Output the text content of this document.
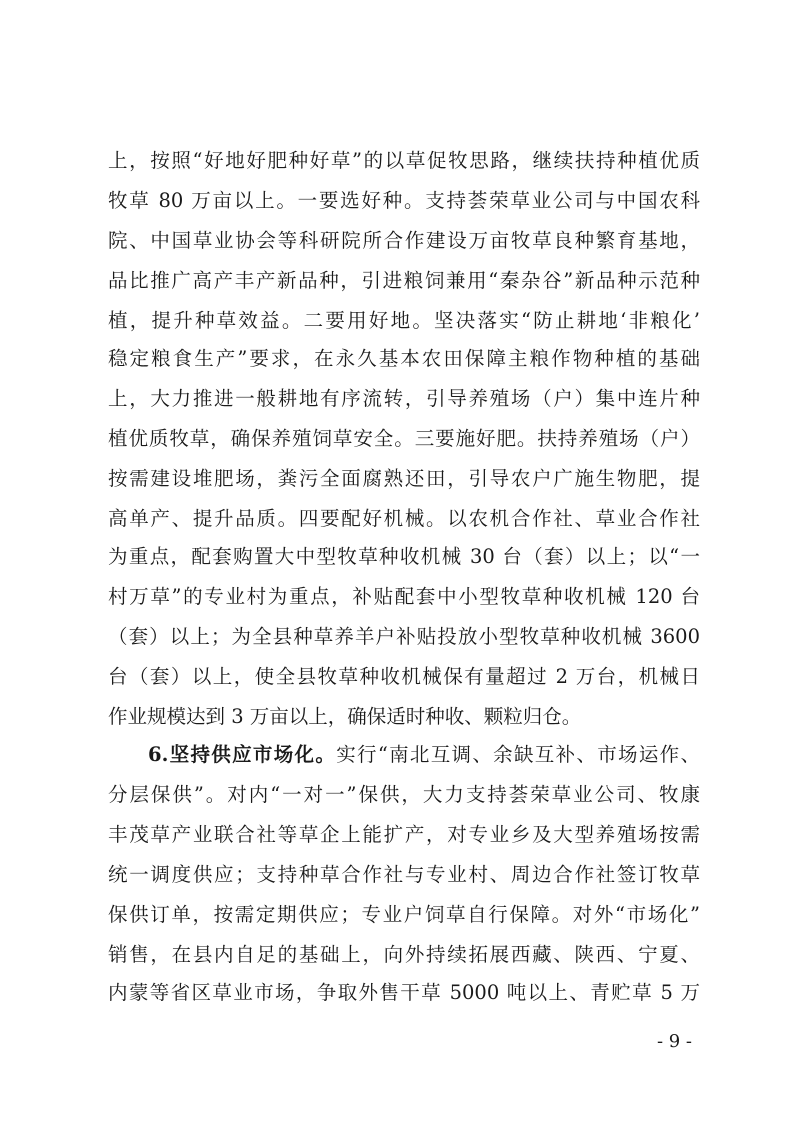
上，按照“好地好肥种好草”的以草促牧思路，继续扶持种植优质
牧草 80 万亩以上。一要选好种。支持荟荣草业公司与中国农科
院、中国草业协会等科研院所合作建设万亩牧草良种繁育基地，
品比推广高产丰产新品种，引进粮饲兼用“秦杂谷”新品种示范种
植，提升种草效益。二要用好地。坚决落实“防止耕地‘非粮化’
稳定粮食生产”要求，在永久基本农田保障主粮作物种植的基础
上，大力推进一般耕地有序流转，引导养殖场（户）集中连片种
植优质牧草，确保养殖饲草安全。三要施好肥。扶持养殖场（户）
按需建设堆肥场，粪污全面腐熟还田，引导农户广施生物肥，提
高单产、提升品质。四要配好机械。以农机合作社、草业合作社
为重点，配套购置大中型牧草种收机械 30 台（套）以上；以“一
村万草”的专业村为重点，补贴配套中小型牧草种收机械 120 台
（套）以上；为全县种草养羊户补贴投放小型牧草种收机械 3600
台（套）以上，使全县牧草种收机械保有量超过 2 万台，机械日
作业规模达到 3 万亩以上，确保适时种收、颗粒归仓。
6.坚持供应市场化。实行“南北互调、余缺互补、市场运作、
分层保供”。对内“一对一”保供，大力支持荟荣草业公司、牧康
丰茂草产业联合社等草企上能扩产，对专业乡及大型养殖场按需
统一调度供应；支持种草合作社与专业村、周边合作社签订牧草
保供订单，按需定期供应；专业户饲草自行保障。对外“市场化”
销售，在县内自足的基础上，向外持续拓展西藏、陕西、宁夏、
内蒙等省区草业市场，争取外售干草 5000 吨以上、青贮草 5 万
- 9 -
